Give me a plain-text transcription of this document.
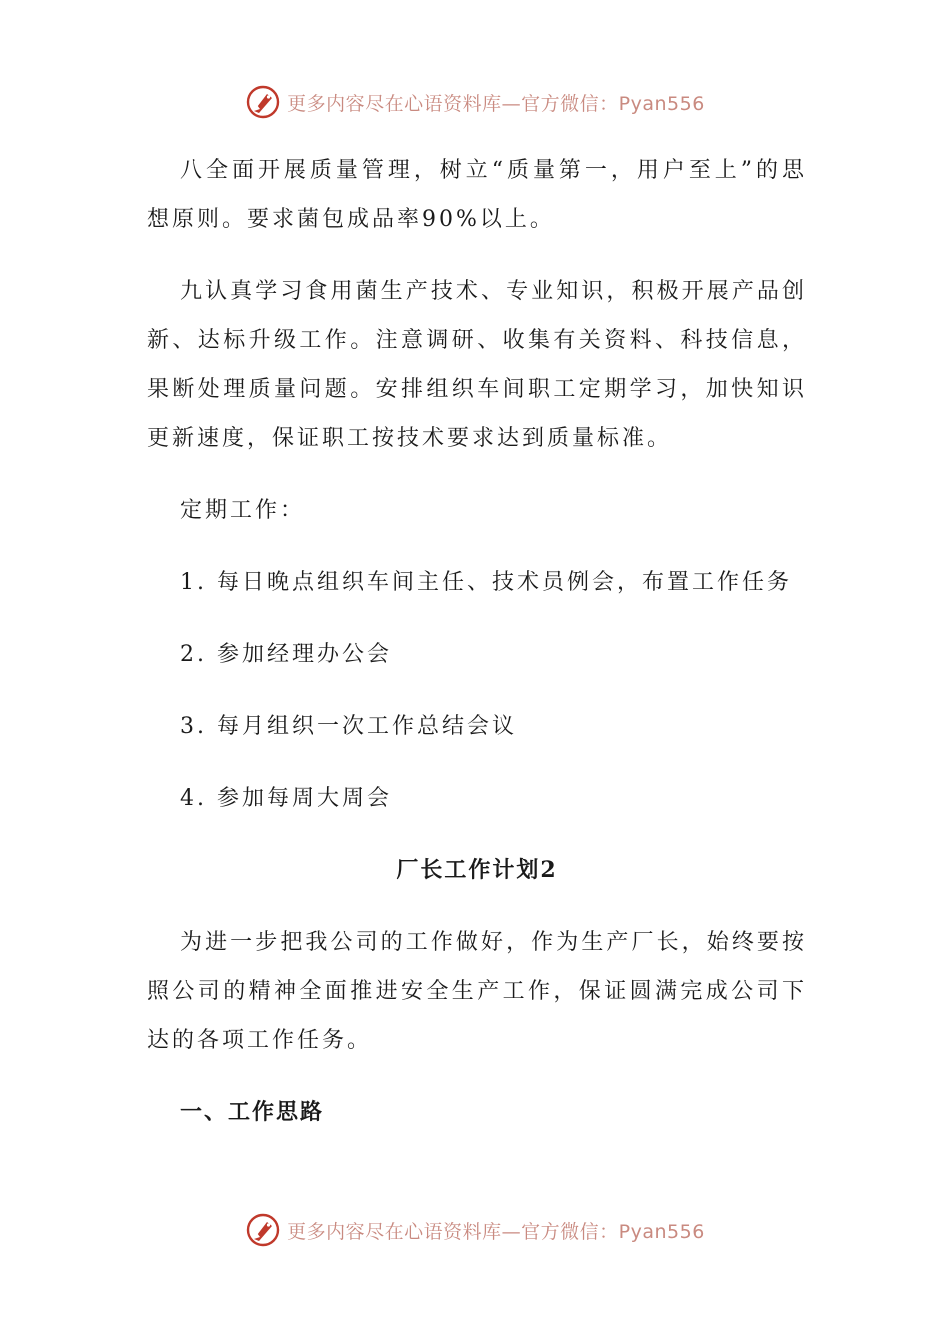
更多内容尽在心语资料库—官方微信：Pyan556

八全面开展质量管理，树立“质量第一，用户至上”的思想原则。要求菌包成品率90%以上。

九认真学习食用菌生产技术、专业知识，积极开展产品创新、达标升级工作。注意调研、收集有关资料、科技信息，果断处理质量问题。安排组织车间职工定期学习，加快知识更新速度，保证职工按技术要求达到质量标准。

定期工作：

1. 每日晚点组织车间主任、技术员例会，布置工作任务

2. 参加经理办公会

3. 每月组织一次工作总结会议

4. 参加每周大周会

厂长工作计划2

为进一步把我公司的工作做好，作为生产厂长，始终要按照公司的精神全面推进安全生产工作，保证圆满完成公司下达的各项工作任务。

一、工作思路
更多内容尽在心语资料库—官方微信：Pyan556
